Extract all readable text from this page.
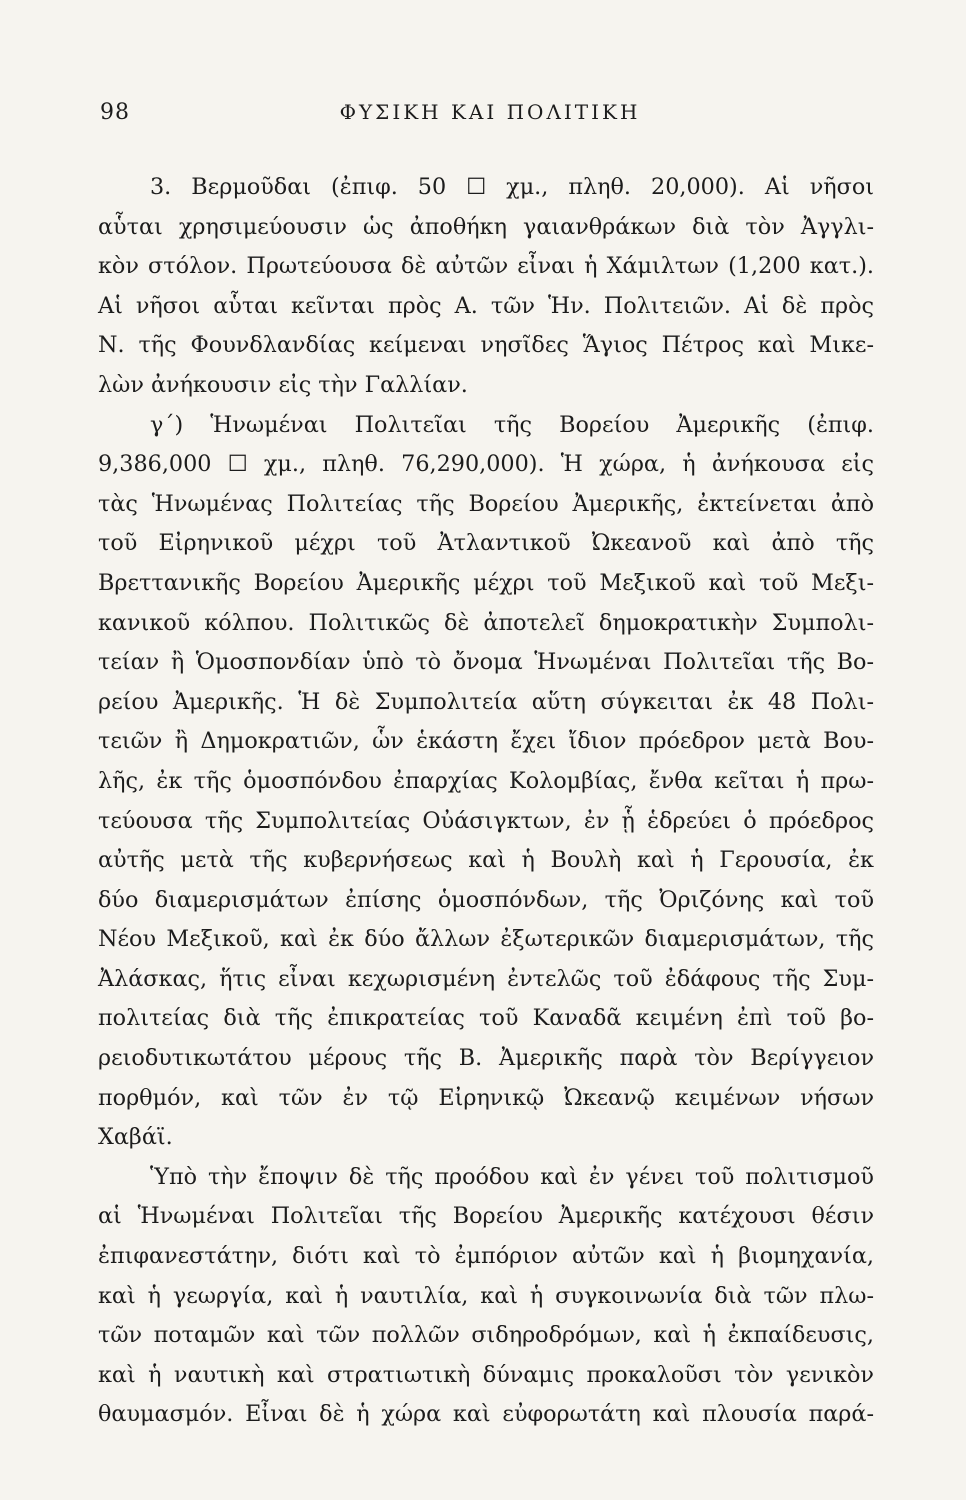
98	ΦΥΣΙΚΗ ΚΑΙ ΠΟΛΙΤΙΚΗ
3. Βερμοῦδαι (ἐπιφ. 50 ☐ χμ., πληθ. 20,000). Αἱ νῆσοι
αὗται χρησιμεύουσιν ὡς ἀποθήκη γαιανθράκων διὰ τὸν Ἀγγλι-
κὸν στόλον. Πρωτεύουσα δὲ αὐτῶν εἶναι ἡ Χάμιλτων (1,200 κατ.).
Αἱ νῆσοι αὗται κεῖνται πρὸς Α. τῶν Ἡν. Πολιτειῶν. Αἱ δὲ πρὸς
Ν. τῆς Φουνδλανδίας κείμεναι νησῖδες Ἅγιος Πέτρος καὶ Μικε-
λὼν ἀνήκουσιν εἰς τὴν Γαλλίαν.
γ΄) Ἡνωμέναι Πολιτεῖαι τῆς Βορείου Ἀμερικῆς (ἐπιφ.
9,386,000 ☐ χμ., πληθ. 76,290,000). Ἡ χώρα, ἡ ἀνήκουσα εἰς
τὰς Ἡνωμένας Πολιτείας τῆς Βορείου Ἀμερικῆς, ἐκτείνεται ἀπὸ
τοῦ Εἰρηνικοῦ μέχρι τοῦ Ἀτλαντικοῦ Ὠκεανοῦ καὶ ἀπὸ τῆς
Βρεττανικῆς Βορείου Ἀμερικῆς μέχρι τοῦ Μεξικοῦ καὶ τοῦ Μεξι-
κανικοῦ κόλπου. Πολιτικῶς δὲ ἀποτελεῖ δημοκρατικὴν Συμπολι-
τείαν ἢ Ὁμοσπονδίαν ὑπὸ τὸ ὄνομα Ἡνωμέναι Πολιτεῖαι τῆς Βο-
ρείου Ἀμερικῆς. Ἡ δὲ Συμπολιτεία αὕτη σύγκειται ἐκ 48 Πολι-
τειῶν ἢ Δημοκρατιῶν, ὧν ἑκάστη ἔχει ἴδιον πρόεδρον μετὰ Βου-
λῆς, ἐκ τῆς ὁμοσπόνδου ἐπαρχίας Κολομβίας, ἔνθα κεῖται ἡ πρω-
τεύουσα τῆς Συμπολιτείας Οὐάσιγκτων, ἐν ᾗ ἑδρεύει ὁ πρόεδρος
αὐτῆς μετὰ τῆς κυβερνήσεως καὶ ἡ Βουλὴ καὶ ἡ Γερουσία, ἐκ
δύο διαμερισμάτων ἐπίσης ὁμοσπόνδων, τῆς Ὀριζόνης καὶ τοῦ
Νέου Μεξικοῦ, καὶ ἐκ δύο ἄλλων ἐξωτερικῶν διαμερισμάτων, τῆς
Ἀλάσκας, ἥτις εἶναι κεχωρισμένη ἐντελῶς τοῦ ἐδάφους τῆς Συμ-
πολιτείας διὰ τῆς ἐπικρατείας τοῦ Καναδᾶ κειμένη ἐπὶ τοῦ βο-
ρειοδυτικωτάτου μέρους τῆς Β. Ἀμερικῆς παρὰ τὸν Βερίγγειον
πορθμόν, καὶ τῶν ἐν τῷ Εἰρηνικῷ Ὠκεανῷ κειμένων νήσων
Χαβάϊ.
Ὑπὸ τὴν ἔποψιν δὲ τῆς προόδου καὶ ἐν γένει τοῦ πολιτισμοῦ
αἱ Ἡνωμέναι Πολιτεῖαι τῆς Βορείου Ἀμερικῆς κατέχουσι θέσιν
ἐπιφανεστάτην, διότι καὶ τὸ ἐμπόριον αὐτῶν καὶ ἡ βιομηχανία,
καὶ ἡ γεωργία, καὶ ἡ ναυτιλία, καὶ ἡ συγκοινωνία διὰ τῶν πλω-
τῶν ποταμῶν καὶ τῶν πολλῶν σιδηροδρόμων, καὶ ἡ ἐκπαίδευσις,
καὶ ἡ ναυτικὴ καὶ στρατιωτικὴ δύναμις προκαλοῦσι τὸν γενικὸν
θαυμασμόν. Εἶναι δὲ ἡ χώρα καὶ εὐφορωτάτη καὶ πλουσία παρά-
